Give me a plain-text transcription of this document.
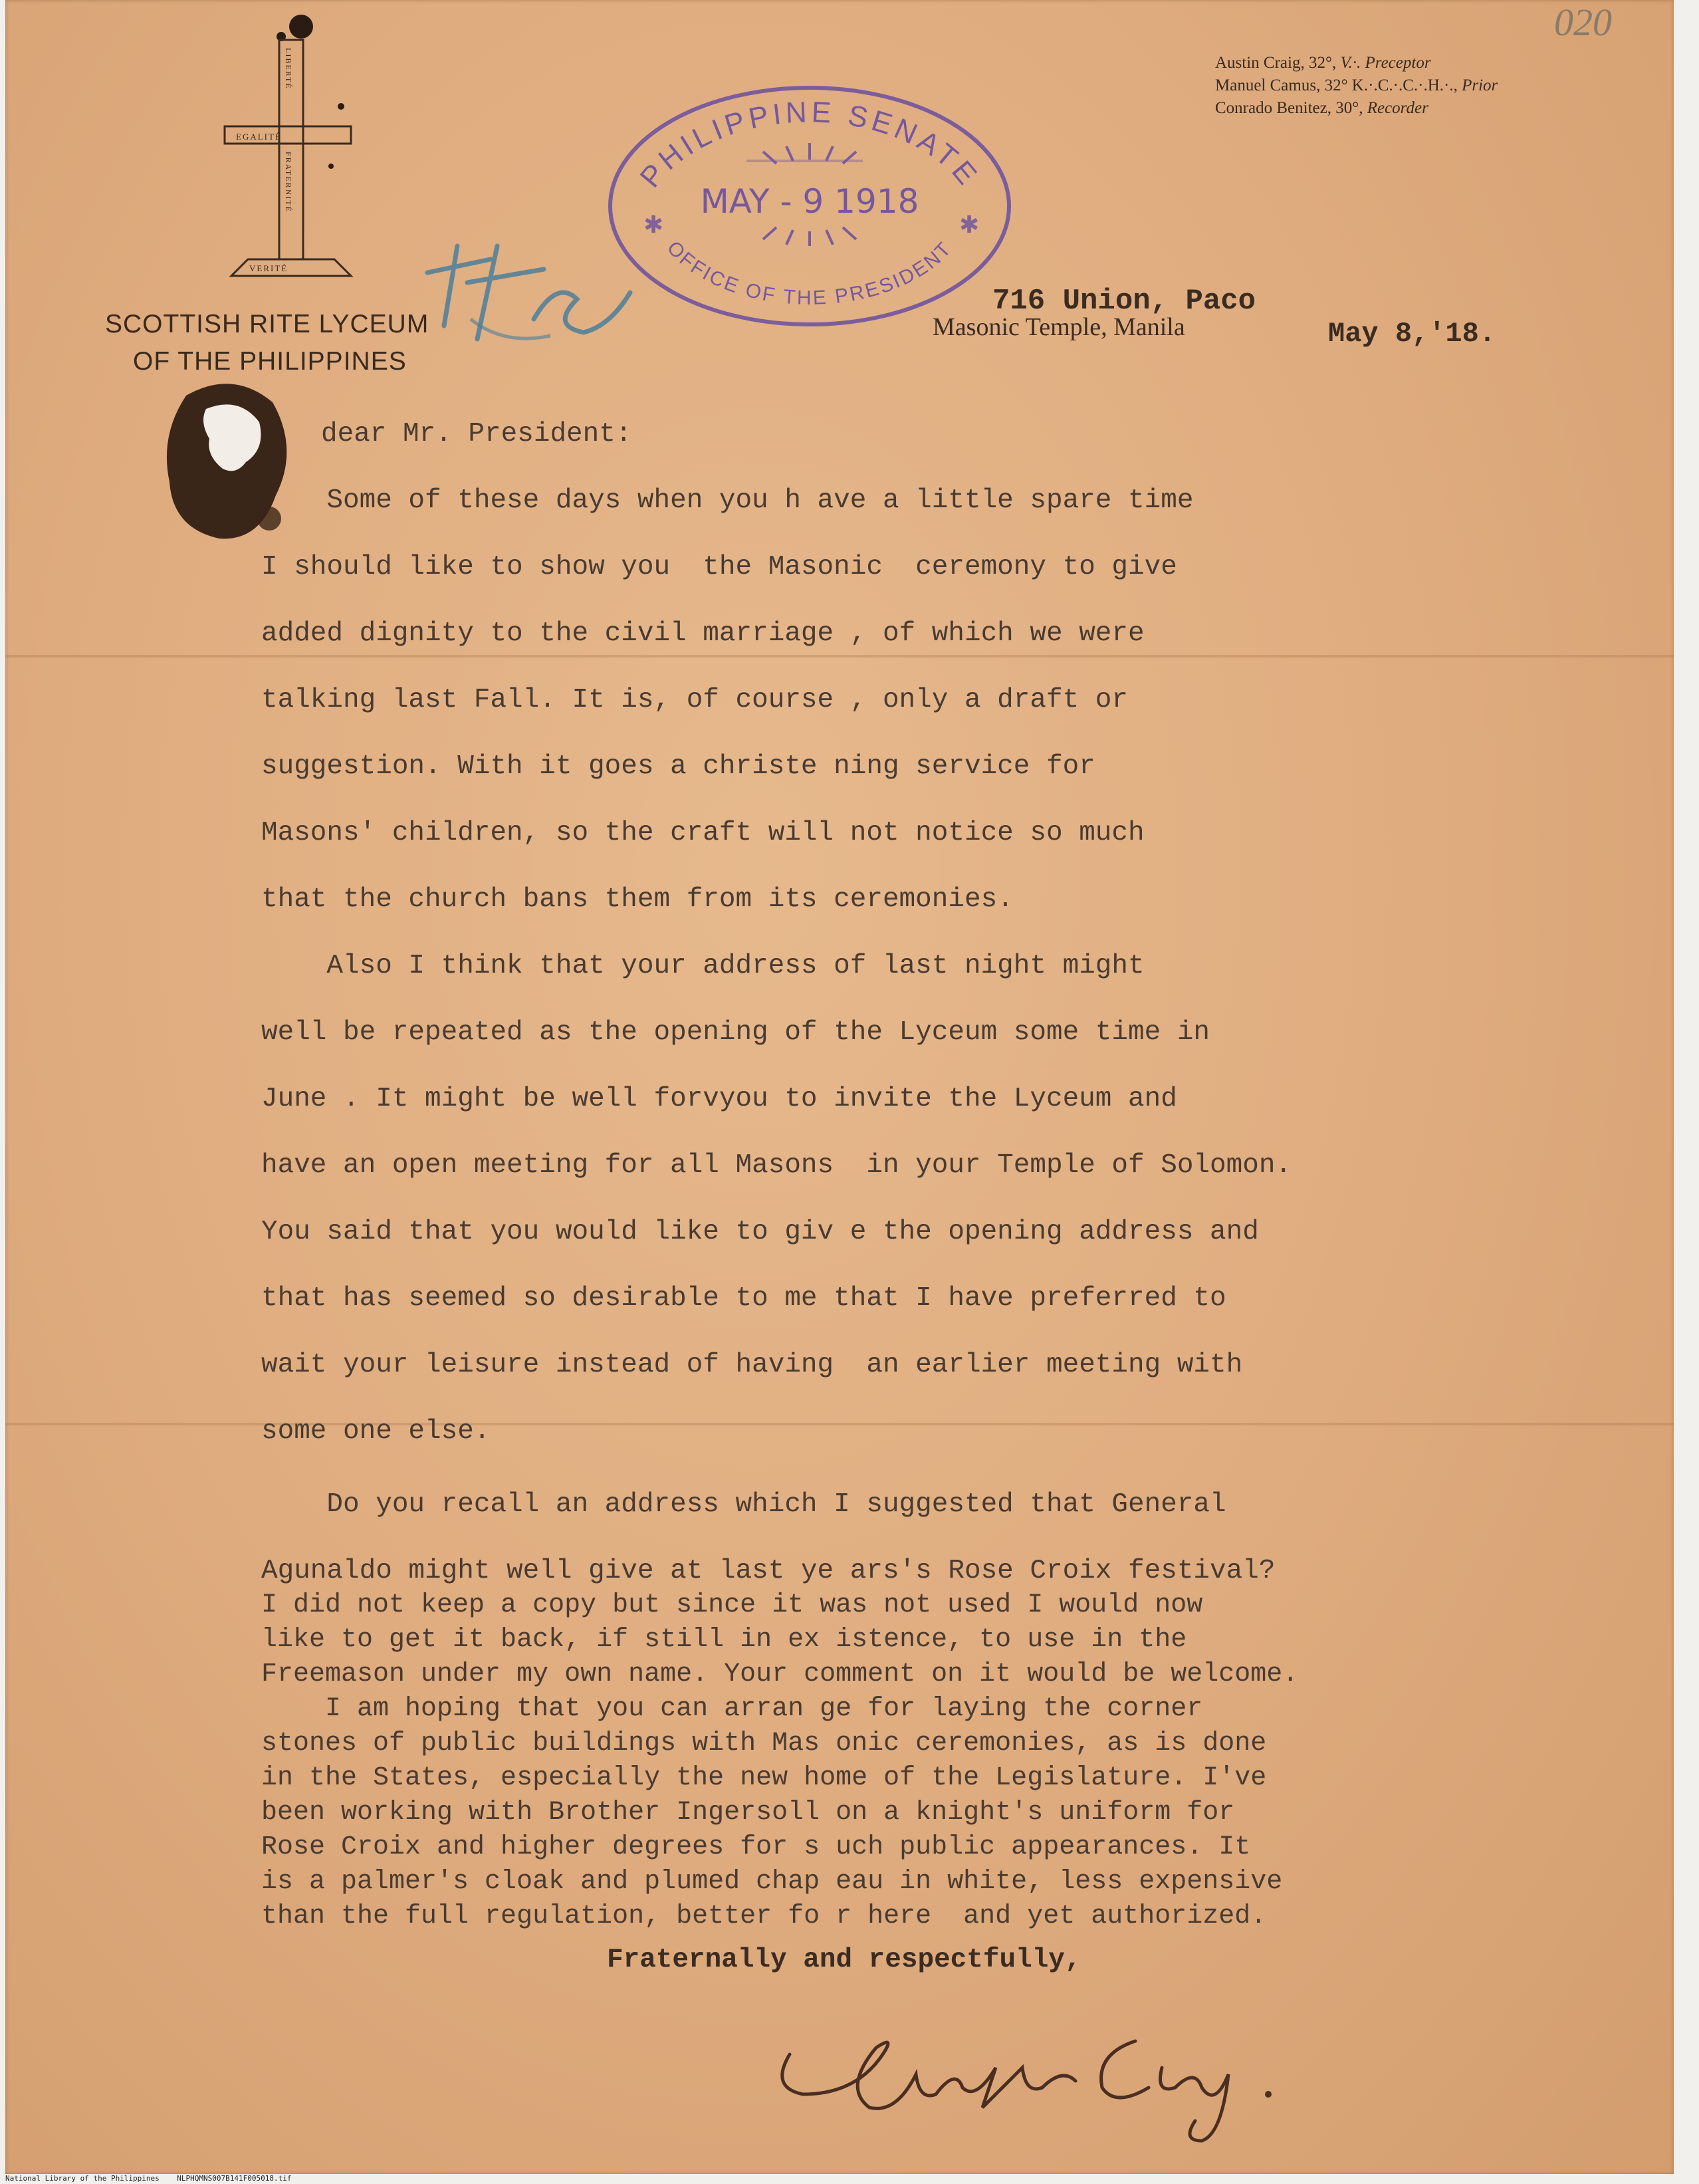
020
EGALITÉ
LIBERTÉ
FRATERNITÉ
VERITÉ
SCOTTISH RITE LYCEUM
OF THE PHILIPPINES
Austin Craig, 32°, V.·. Preceptor
Manuel Camus, 32° K.·.C.·.C.·.H.·., Prior
Conrado Benitez, 30°, Recorder
PHILIPPINE SENATE
OFFICE OF THE PRESIDENT
MAY - 9 1918
✱	✱
716 Union, Paco
Masonic Temple, Manila	May 8,'18.
dear Mr. President:
Some of these days when you h ave a little spare time
I should like to show you  the Masonic  ceremony to give
added dignity to the civil marriage , of which we were
talking last Fall. It is, of course , only a draft or
suggestion. With it goes a christe ning service for
Masons' children, so the craft will not notice so much
that the church bans them from its ceremonies.
Also I think that your address of last night might
well be repeated as the opening of the Lyceum some time in
June . It might be well forvyou to invite the Lyceum and
have an open meeting for all Masons  in your Temple of Solomon.
You said that you would like to giv e the opening address and
that has seemed so desirable to me that I have preferred to
wait your leisure instead of having  an earlier meeting with
some one else.
Do you recall an address which I suggested that General
Agunaldo might well give at last ye ars's Rose Croix festival?
I did not keep a copy but since it was not used I would now
like to get it back, if still in ex istence, to use in the
Freemason under my own name. Your comment on it would be welcome.
I am hoping that you can arran ge for laying the corner
stones of public buildings with Mas onic ceremonies, as is done
in the States, especially the new home of the Legislature. I've
been working with Brother Ingersoll on a knight's uniform for
Rose Croix and higher degrees for s uch public appearances. It
is a palmer's cloak and plumed chap eau in white, less expensive
than the full regulation, better fo r here  and yet authorized.
Fraternally and respectfully,
National Library of the Philippines    NLPHQMNS007B141F005018.tif
